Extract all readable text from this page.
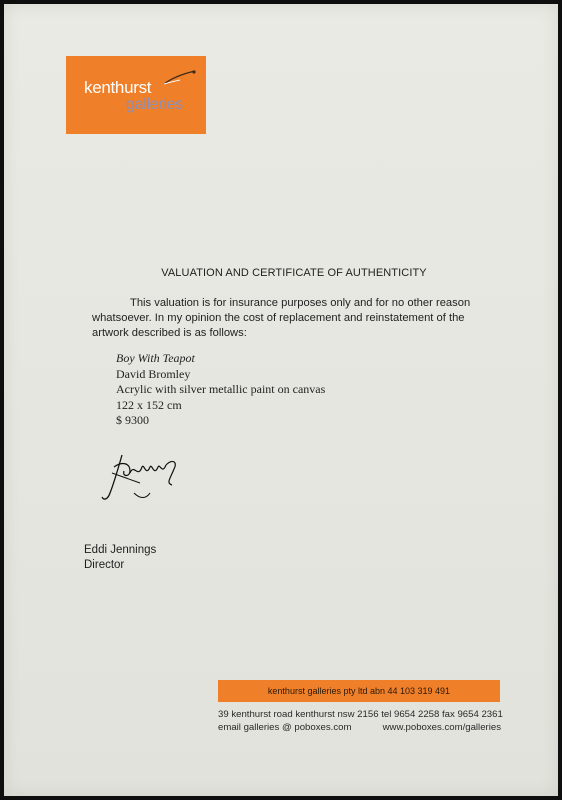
kenthurst
galleries
VALUATION AND CERTIFICATE OF AUTHENTICITY
This valuation is for insurance purposes only and for no other reason whatsoever. In my opinion the cost of replacement and reinstatement of the artwork described is as follows:
Boy With Teapot
David Bromley
Acrylic with silver metallic paint on canvas
122 x 152 cm
$ 9300
Eddi Jennings
Director
kenthurst galleries pty ltd abn 44 103 319 491
39 kenthurst road kenthurst nsw 2156 tel 9654 2258 fax 9654 2361
email galleries @ poboxes.com	www.poboxes.com/galleries
